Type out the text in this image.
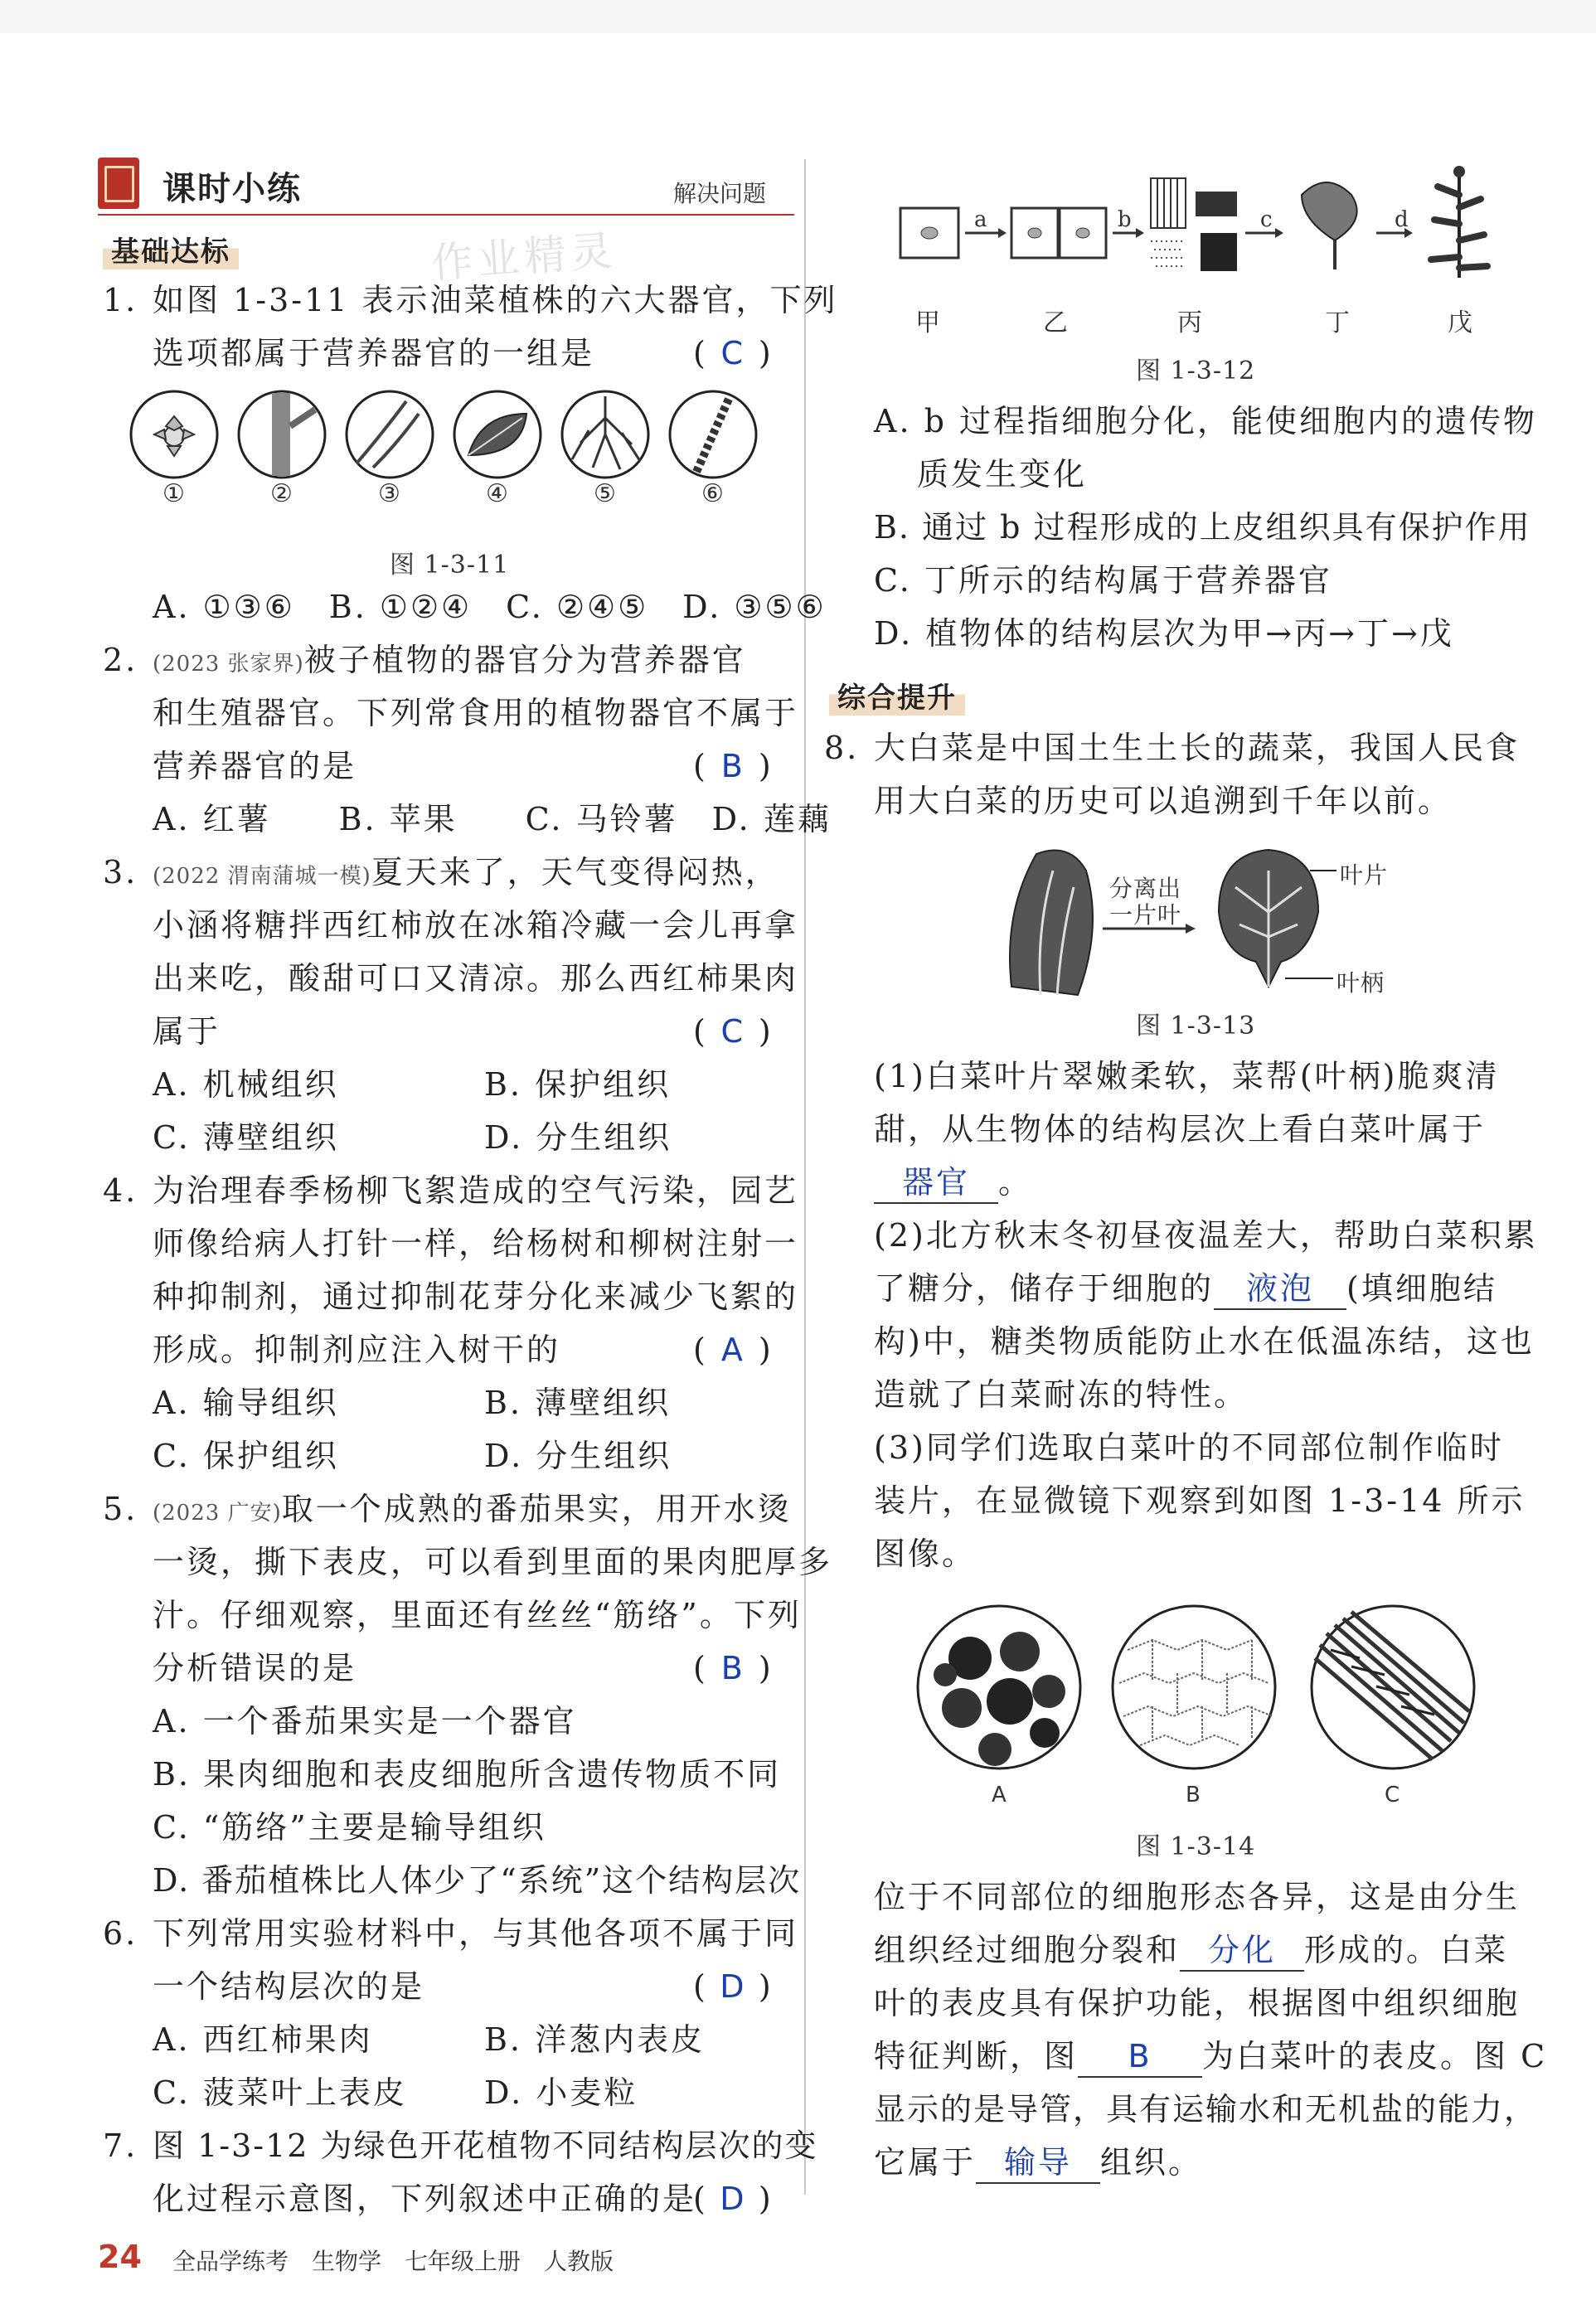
课时小练	解决问题
基础达标	作业精灵
1. 如图 1-3-11 表示油菜植株的六大器官，下列
选项都属于营养器官的一组是	( C )
①	②	③	④	⑤	⑥
图 1-3-11
A. ①③⑥　B. ①②④　C. ②④⑤　D. ③⑤⑥
2. (2023 张家界)被子植物的器官分为营养器官
和生殖器官。下列常食用的植物器官不属于
营养器官的是	( B )
A. 红薯　　B. 苹果　　C. 马铃薯　D. 莲藕
3. (2022 渭南蒲城一模)夏天来了，天气变得闷热，
小涵将糖拌西红柿放在冰箱冷藏一会儿再拿
出来吃，酸甜可口又清凉。那么西红柿果肉
属于	( C )
A. 机械组织	B. 保护组织
C. 薄壁组织	D. 分生组织
4. 为治理春季杨柳飞絮造成的空气污染，园艺
师像给病人打针一样，给杨树和柳树注射一
种抑制剂，通过抑制花芽分化来减少飞絮的
形成。抑制剂应注入树干的	( A )
A. 输导组织	B. 薄壁组织
C. 保护组织	D. 分生组织
5. (2023 广安)取一个成熟的番茄果实，用开水烫
一烫，撕下表皮，可以看到里面的果肉肥厚多
汁。仔细观察，里面还有丝丝“筋络”。下列
分析错误的是	( B )
A. 一个番茄果实是一个器官
B. 果肉细胞和表皮细胞所含遗传物质不同
C. “筋络”主要是输导组织
D. 番茄植株比人体少了“系统”这个结构层次
6. 下列常用实验材料中，与其他各项不属于同
一个结构层次的是	( D )
A. 西红柿果肉	B. 洋葱内表皮
C. 菠菜叶上表皮 D. 小麦粒
7. 图 1-3-12 为绿色开花植物不同结构层次的变
化过程示意图，下列叙述中正确的是
( D )
a	b	c	d
甲	乙	丙	丁	戊
图 1-3-12
A. b 过程指细胞分化，能使细胞内的遗传物
质发生变化
B. 通过 b 过程形成的上皮组织具有保护作用
C. 丁所示的结构属于营养器官
D. 植物体的结构层次为甲→丙→丁→戊
综合提升
8. 大白菜是中国土生土长的蔬菜，我国人民食
用大白菜的历史可以追溯到千年以前。
分离出
一片叶
叶片
叶柄
图 1-3-13
(1)白菜叶片翠嫩柔软，菜帮(叶柄)脆爽清
甜，从生物体的结构层次上看白菜叶属于
器官 。
(2)北方秋末冬初昼夜温差大，帮助白菜积累
了糖分，储存于细胞的 液泡 (填细胞结
构)中，糖类物质能防止水在低温冻结，这也
造就了白菜耐冻的特性。
(3)同学们选取白菜叶的不同部位制作临时
装片，在显微镜下观察到如图 1-3-14 所示
图像。
A	B	C
图 1-3-14
位于不同部位的细胞形态各异，这是由分生
组织经过细胞分裂和 分化 形成的。白菜
叶的表皮具有保护功能，根据图中组织细胞
特征判断，图 B 为白菜叶的表皮。图 C
显示的是导管，具有运输水和无机盐的能力，
它属于 输导 组织。
24 全品学练考　生物学　七年级上册　人教版
